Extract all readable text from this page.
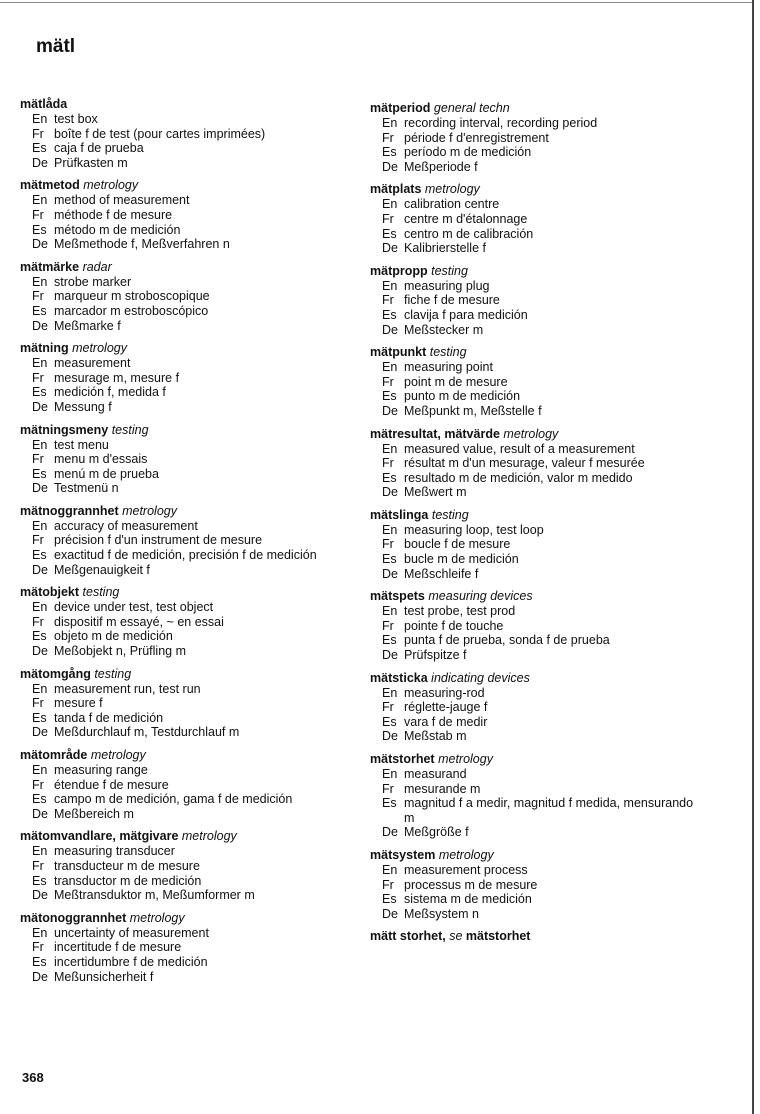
mätl
mätlåda
En test box
Fr boîte f de test (pour cartes imprimées)
Es caja f de prueba
De Prüfkasten m
mätmetod metrology
En method of measurement
Fr méthode f de mesure
Es método m de medición
De Meßmethode f, Meßverfahren n
mätmärke radar
En strobe marker
Fr marqueur m stroboscopique
Es marcador m estroboscópico
De Meßmarke f
mätning metrology
En measurement
Fr mesurage m, mesure f
Es medición f, medida f
De Messung f
mätningsmeny testing
En test menu
Fr menu m d'essais
Es menú m de prueba
De Testmenü n
mätnoggrannhet metrology
En accuracy of measurement
Fr précision f d'un instrument de mesure
Es exactitud f de medición, precisión f de medición
De Meßgenauigkeit f
mätobjekt testing
En device under test, test object
Fr dispositif m essayé, ~ en essai
Es objeto m de medición
De Meßobjekt n, Prüfling m
mätomgång testing
En measurement run, test run
Fr mesure f
Es tanda f de medición
De Meßdurchlauf m, Testdurchlauf m
mätområde metrology
En measuring range
Fr étendue f de mesure
Es campo m de medición, gama f de medición
De Meßbereich m
mätomvandlare, mätgivare metrology
En measuring transducer
Fr transducteur m de mesure
Es transductor m de medición
De Meßtransduktor m, Meßumformer m
mätonoggrannhet metrology
En uncertainty of measurement
Fr incertitude f de mesure
Es incertidumbre f de medición
De Meßunsicherheit f
mätperiod general techn
En recording interval, recording period
Fr période f d'enregistrement
Es período m de medición
De Meßperiode f
mätplats metrology
En calibration centre
Fr centre m d'étalonnage
Es centro m de calibración
De Kalibrierstelle f
mätpropp testing
En measuring plug
Fr fiche f de mesure
Es clavija f para medición
De Meßstecker m
mätpunkt testing
En measuring point
Fr point m de mesure
Es punto m de medición
De Meßpunkt m, Meßstelle f
mätresultat, mätvärde metrology
En measured value, result of a measurement
Fr résultat m d'un mesurage, valeur f mesurée
Es resultado m de medición, valor m medido
De Meßwert m
mätslinga testing
En measuring loop, test loop
Fr boucle f de mesure
Es bucle m de medición
De Meßschleife f
mätspets measuring devices
En test probe, test prod
Fr pointe f de touche
Es punta f de prueba, sonda f de prueba
De Prüfspitze f
mätsticka indicating devices
En measuring-rod
Fr réglette-jauge f
Es vara f de medir
De Meßstab m
mätstorhet metrology
En measurand
Fr mesurande m
Es magnitud f a medir, magnitud f medida, mensurando m
De Meßgröße f
mätsystem metrology
En measurement process
Fr processus m de mesure
Es sistema m de medición
De Meßsystem n
mätt storhet, se mätstorhet
368
